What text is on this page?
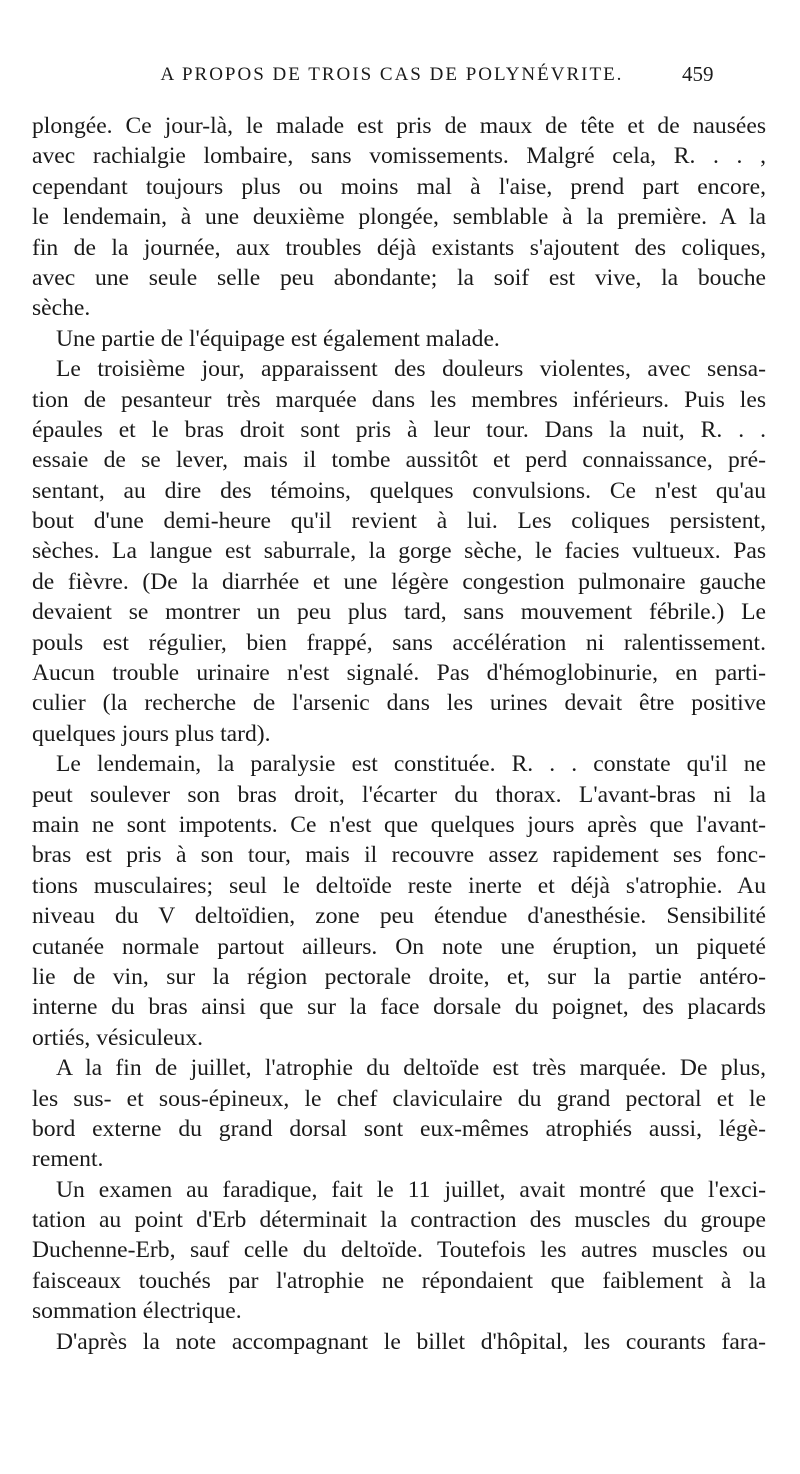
A PROPOS DE TROIS CAS DE POLYNÉVRITE.	459
plongée. Ce jour-là, le malade est pris de maux de tête et de nausées
avec rachialgie lombaire, sans vomissements. Malgré cela, R. . . ,
cependant toujours plus ou moins mal à l'aise, prend part encore,
le lendemain, à une deuxième plongée, semblable à la première. A la
fin de la journée, aux troubles déjà existants s'ajoutent des coliques,
avec une seule selle peu abondante; la soif est vive, la bouche
sèche.
Une partie de l'équipage est également malade.
Le troisième jour, apparaissent des douleurs violentes, avec sensa-
tion de pesanteur très marquée dans les membres inférieurs. Puis les
épaules et le bras droit sont pris à leur tour. Dans la nuit, R. . .
essaie de se lever, mais il tombe aussitôt et perd connaissance, pré-
sentant, au dire des témoins, quelques convulsions. Ce n'est qu'au
bout d'une demi-heure qu'il revient à lui. Les coliques persistent,
sèches. La langue est saburrale, la gorge sèche, le facies vultueux. Pas
de fièvre. (De la diarrhée et une légère congestion pulmonaire gauche
devaient se montrer un peu plus tard, sans mouvement fébrile.) Le
pouls est régulier, bien frappé, sans accélération ni ralentissement.
Aucun trouble urinaire n'est signalé. Pas d'hémoglobinurie, en parti-
culier (la recherche de l'arsenic dans les urines devait être positive
quelques jours plus tard).
Le lendemain, la paralysie est constituée. R. . . constate qu'il ne
peut soulever son bras droit, l'écarter du thorax. L'avant-bras ni la
main ne sont impotents. Ce n'est que quelques jours après que l'avant-
bras est pris à son tour, mais il recouvre assez rapidement ses fonc-
tions musculaires; seul le deltoïde reste inerte et déjà s'atrophie. Au
niveau du V deltoïdien, zone peu étendue d'anesthésie. Sensibilité
cutanée normale partout ailleurs. On note une éruption, un piqueté
lie de vin, sur la région pectorale droite, et, sur la partie antéro-
interne du bras ainsi que sur la face dorsale du poignet, des placards
ortiés, vésiculeux.
A la fin de juillet, l'atrophie du deltoïde est très marquée. De plus,
les sus- et sous-épineux, le chef claviculaire du grand pectoral et le
bord externe du grand dorsal sont eux-mêmes atrophiés aussi, légè-
rement.
Un examen au faradique, fait le 11 juillet, avait montré que l'exci-
tation au point d'Erb déterminait la contraction des muscles du groupe
Duchenne-Erb, sauf celle du deltoïde. Toutefois les autres muscles ou
faisceaux touchés par l'atrophie ne répondaient que faiblement à la
sommation électrique.
D'après la note accompagnant le billet d'hôpital, les courants fara-
